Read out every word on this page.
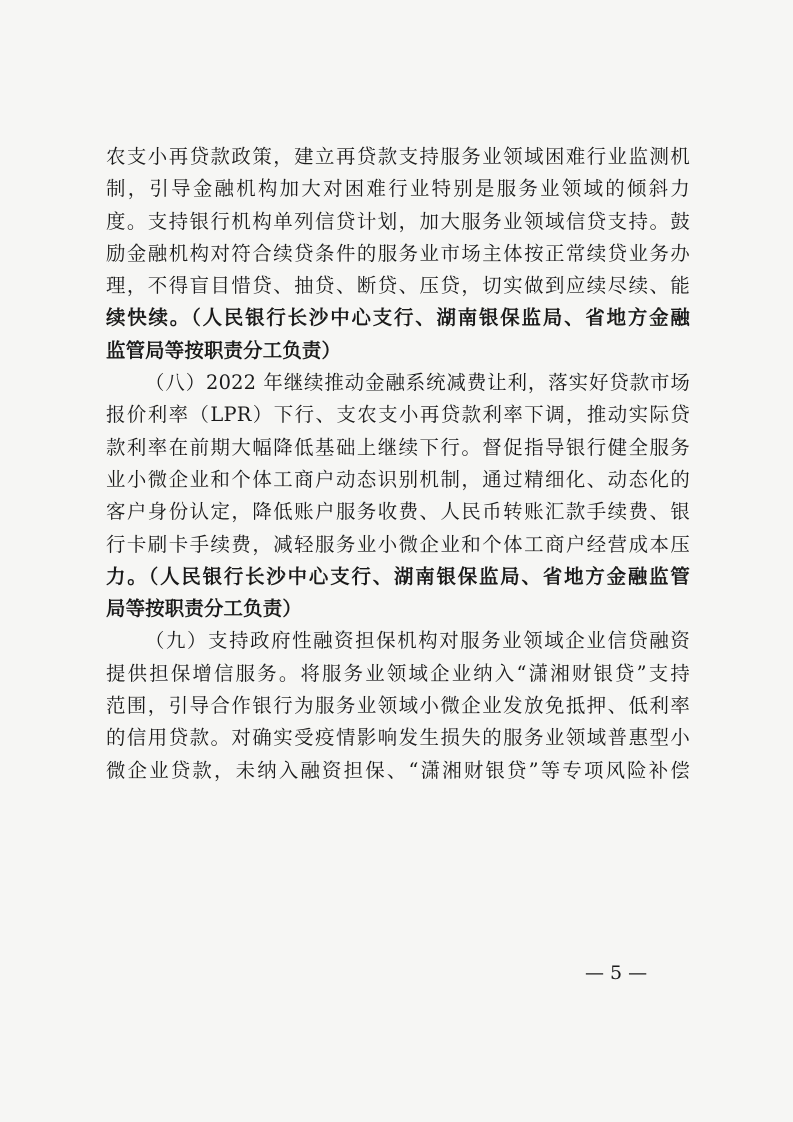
农支小再贷款政策，建立再贷款支持服务业领域困难行业监测机
制，引导金融机构加大对困难行业特别是服务业领域的倾斜力
度。支持银行机构单列信贷计划，加大服务业领域信贷支持。鼓
励金融机构对符合续贷条件的服务业市场主体按正常续贷业务办
理，不得盲目惜贷、抽贷、断贷、压贷，切实做到应续尽续、能
续快续。（人民银行长沙中心支行、湖南银保监局、省地方金融
监管局等按职责分工负责）
（八）2022 年继续推动金融系统减费让利，落实好贷款市场
报价利率（LPR）下行、支农支小再贷款利率下调，推动实际贷
款利率在前期大幅降低基础上继续下行。督促指导银行健全服务
业小微企业和个体工商户动态识别机制，通过精细化、动态化的
客户身份认定，降低账户服务收费、人民币转账汇款手续费、银
行卡刷卡手续费，减轻服务业小微企业和个体工商户经营成本压
力。（人民银行长沙中心支行、湖南银保监局、省地方金融监管
局等按职责分工负责）
（九）支持政府性融资担保机构对服务业领域企业信贷融资
提供担保增信服务。将服务业领域企业纳入“潇湘财银贷”支持
范围，引导合作银行为服务业领域小微企业发放免抵押、低利率
的信用贷款。对确实受疫情影响发生损失的服务业领域普惠型小
微企业贷款，未纳入融资担保、“潇湘财银贷”等专项风险补偿
— 5 —
